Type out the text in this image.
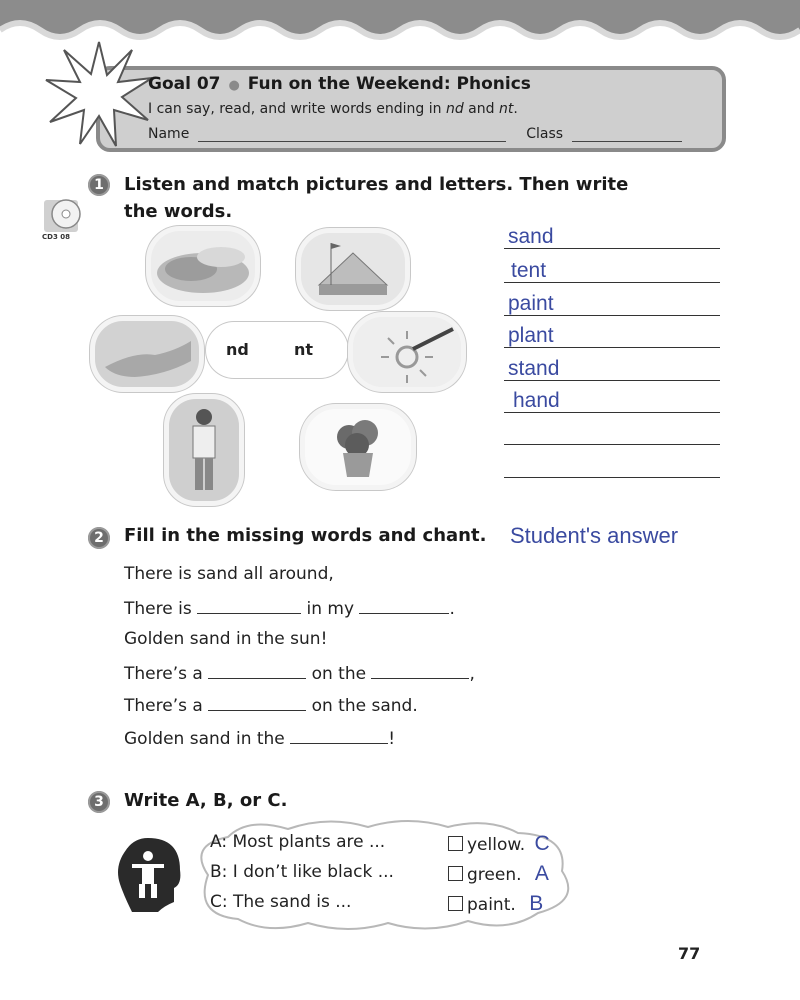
Goal 07 ● Fun on the Weekend: Phonics
I can say, read, and write words ending in nd and nt.
Name	Class
1	Listen and match pictures and letters. Then write
the words.
CD3 08
nd	nt
sand
tent
paint
plant
stand
hand
2	Fill in the missing words and chant. Student's answer
There is sand all around,
There is	in my	.
Golden sand in the sun!
There’s a	on the	,
There’s a	on the sand.
Golden sand in the	!
3	Write A, B, or C.
A: Most plants are ...
B: I don’t like black ...
C: The sand is ...
yellow. C
green. A
paint. B
77
